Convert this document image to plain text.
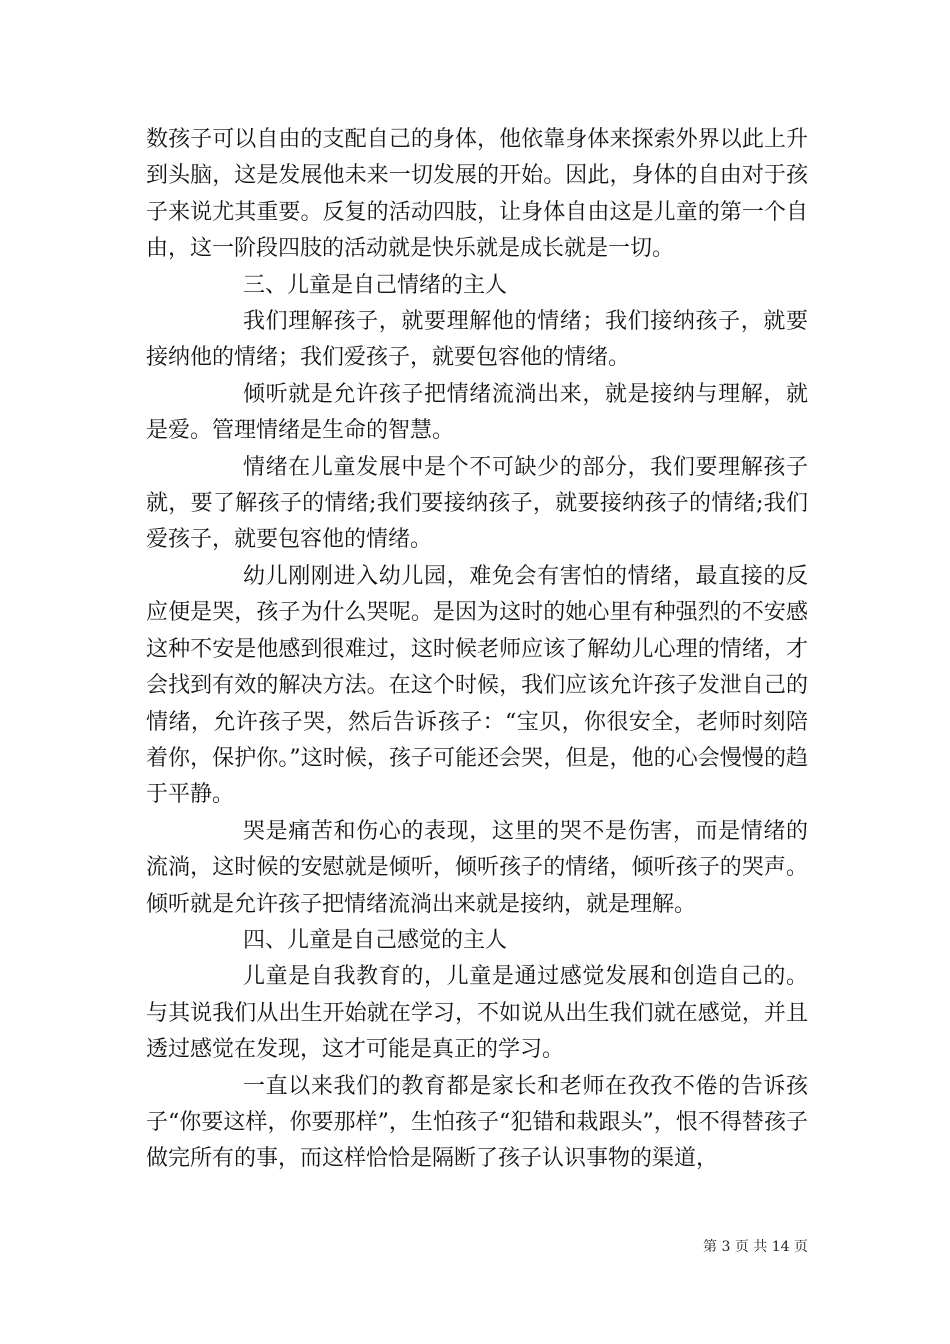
数孩子可以自由的支配自己的身体，他依靠身体来探索外界以此上升到头脑，这是发展他未来一切发展的开始。因此，身体的自由对于孩子来说尤其重要。反复的活动四肢，让身体自由这是儿童的第一个自由，这一阶段四肢的活动就是快乐就是成长就是一切。

三、儿童是自己情绪的主人

我们理解孩子，就要理解他的情绪；我们接纳孩子，就要接纳他的情绪；我们爱孩子，就要包容他的情绪。

倾听就是允许孩子把情绪流淌出来，就是接纳与理解，就是爱。管理情绪是生命的智慧。

情绪在儿童发展中是个不可缺少的部分，我们要理解孩子就，要了解孩子的情绪;我们要接纳孩子，就要接纳孩子的情绪;我们爱孩子，就要包容他的情绪。

幼儿刚刚进入幼儿园，难免会有害怕的情绪，最直接的反应便是哭，孩子为什么哭呢。是因为这时的她心里有种强烈的不安感这种不安是他感到很难过，这时候老师应该了解幼儿心理的情绪，才会找到有效的解决方法。在这个时候，我们应该允许孩子发泄自己的情绪，允许孩子哭，然后告诉孩子：“宝贝，你很安全，老师时刻陪着你，保护你。”这时候，孩子可能还会哭，但是，他的心会慢慢的趋于平静。

哭是痛苦和伤心的表现，这里的哭不是伤害，而是情绪的流淌，这时候的安慰就是倾听，倾听孩子的情绪，倾听孩子的哭声。倾听就是允许孩子把情绪流淌出来就是接纳，就是理解。

四、儿童是自己感觉的主人

儿童是自我教育的，儿童是通过感觉发展和创造自己的。与其说我们从出生开始就在学习，不如说从出生我们就在感觉，并且透过感觉在发现，这才可能是真正的学习。

一直以来我们的教育都是家长和老师在孜孜不倦的告诉孩子“你要这样，你要那样”，生怕孩子“犯错和栽跟头”，恨不得替孩子做完所有的事，而这样恰恰是隔断了孩子认识事物的渠道，

第 3 页 共 14 页
